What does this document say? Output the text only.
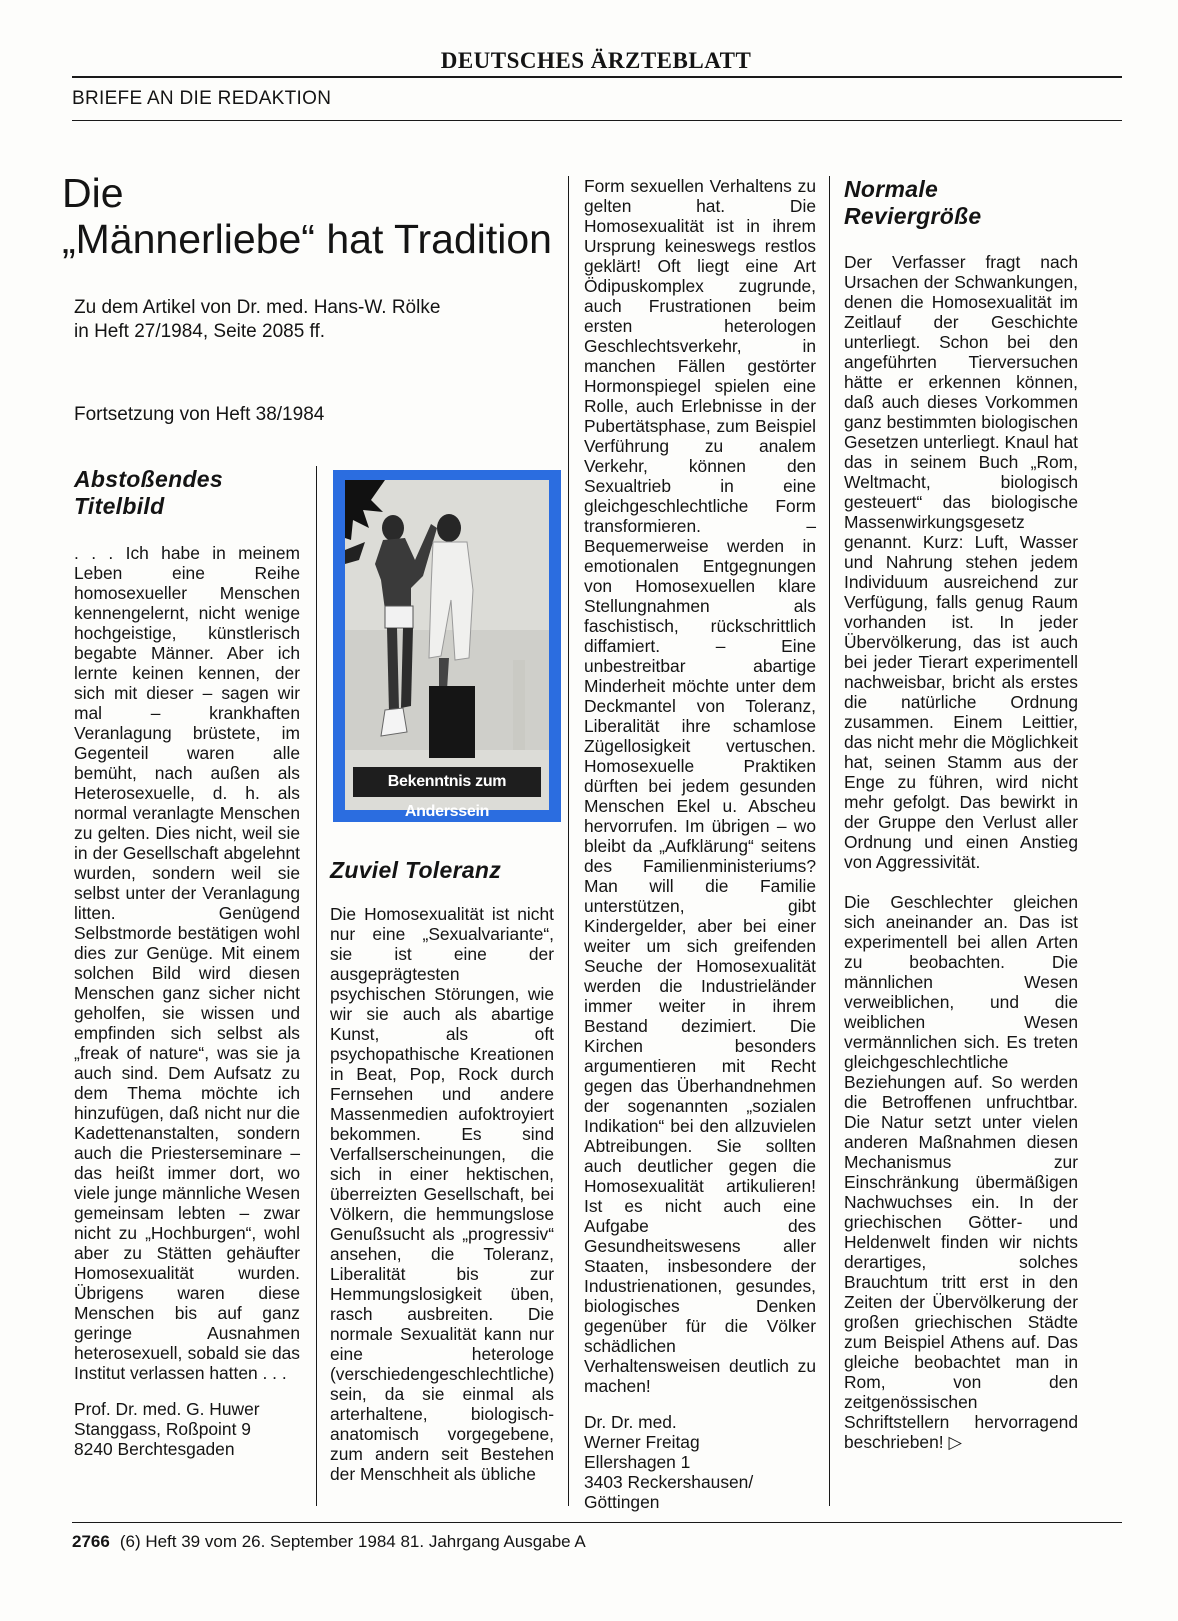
DEUTSCHES ÄRZTEBLATT
BRIEFE AN DIE REDAKTION
Die
„Männerliebe“ hat Tradition
Zu dem Artikel von Dr. med. Hans-W. Rölke
in Heft 27/1984, Seite 2085 ff.
Fortsetzung von Heft 38/1984
Abstoßendes
Titelbild

. . . Ich habe in meinem Leben eine Reihe homosexueller Menschen kennengelernt, nicht wenige hochgeistige, künstlerisch begabte Männer. Aber ich lernte keinen kennen, der sich mit dieser – sagen wir mal – krankhaften Veranlagung brüstete, im Gegenteil waren alle bemüht, nach außen als Heterosexuelle, d. h. als normal veranlagte Menschen zu gelten. Dies nicht, weil sie in der Gesellschaft abgelehnt wurden, sondern weil sie selbst unter der Veranlagung litten. Genügend Selbstmorde bestätigen wohl dies zur Genüge. Mit einem solchen Bild wird diesen Menschen ganz sicher nicht geholfen, sie wissen und empfinden sich selbst als „freak of nature“, was sie ja auch sind. Dem Aufsatz zu dem Thema möchte ich hinzufügen, daß nicht nur die Kadettenanstalten, sondern auch die Priesterseminare – das heißt immer dort, wo viele junge männliche Wesen gemeinsam lebten – zwar nicht zu „Hochburgen“, wohl aber zu Stätten gehäufter Homosexualität wurden. Übrigens waren diese Menschen bis auf ganz geringe Ausnahmen heterosexuell, sobald sie das Institut verlassen hatten . . .

Prof. Dr. med. G. Huwer
Stanggass, Roßpoint 9
8240 Berchtesgaden
Bekenntnis zum Anderssein
Zuviel Toleranz

Die Homosexualität ist nicht nur eine „Sexualvariante“, sie ist eine der ausgeprägtesten psychischen Störungen, wie wir sie auch als abartige Kunst, als oft psychopathische Kreationen in Beat, Pop, Rock durch Fernsehen und andere Massenmedien aufoktroyiert bekommen. Es sind Verfallserscheinungen, die sich in einer hektischen, überreizten Gesellschaft, bei Völkern, die hemmungslose Genußsucht als „progressiv“ ansehen, die Toleranz, Liberalität bis zur Hemmungslosigkeit üben, rasch ausbreiten. Die normale Sexualität kann nur eine heterologe (verschiedengeschlechtliche) sein, da sie einmal als arterhaltene, biologisch-anatomisch vorgegebene, zum andern seit Bestehen der Menschheit als übliche

Form sexuellen Verhaltens zu gelten hat. Die Homosexualität ist in ihrem Ursprung keineswegs restlos geklärt! Oft liegt eine Art Ödipuskomplex zugrunde, auch Frustrationen beim ersten heterologen Geschlechtsverkehr, in manchen Fällen gestörter Hormonspiegel spielen eine Rolle, auch Erlebnisse in der Pubertätsphase, zum Beispiel Verführung zu analem Verkehr, können den Sexualtrieb in eine gleichgeschlechtliche Form transformieren. – Bequemerweise werden in emotionalen Entgegnungen von Homosexuellen klare Stellungnahmen als faschistisch, rückschrittlich diffamiert. – Eine unbestreitbar abartige Minderheit möchte unter dem Deckmantel von Toleranz, Liberalität ihre schamlose Zügellosigkeit vertuschen. Homosexuelle Praktiken dürften bei jedem gesunden Menschen Ekel u. Abscheu hervorrufen. Im übrigen – wo bleibt da „Aufklärung“ seitens des Familienministeriums? Man will die Familie unterstützen, gibt Kindergelder, aber bei einer weiter um sich greifenden Seuche der Homosexualität werden die Industrieländer immer weiter in ihrem Bestand dezimiert. Die Kirchen besonders argumentieren mit Recht gegen das Überhandnehmen der sogenannten „sozialen Indikation“ bei den allzuvielen Abtreibungen. Sie sollten auch deutlicher gegen die Homosexualität artikulieren! Ist es nicht auch eine Aufgabe des Gesundheitswesens aller Staaten, insbesondere der Industrienationen, gesundes, biologisches Denken gegenüber für die Völker schädlichen Verhaltensweisen deutlich zu machen!

Dr. Dr. med.
Werner Freitag
Ellershagen 1
3403 Reckershausen/
Göttingen
Normale
Reviergröße

Der Verfasser fragt nach Ursachen der Schwankungen, denen die Homosexualität im Zeitlauf der Geschichte unterliegt. Schon bei den angeführten Tierversuchen hätte er erkennen können, daß auch dieses Vorkommen ganz bestimmten biologischen Gesetzen unterliegt. Knaul hat das in seinem Buch „Rom, Weltmacht, biologisch gesteuert“ das biologische Massenwirkungsgesetz genannt. Kurz: Luft, Wasser und Nahrung stehen jedem Individuum ausreichend zur Verfügung, falls genug Raum vorhanden ist. In jeder Übervölkerung, das ist auch bei jeder Tierart experimentell nachweisbar, bricht als erstes die natürliche Ordnung zusammen. Einem Leittier, das nicht mehr die Möglichkeit hat, seinen Stamm aus der Enge zu führen, wird nicht mehr gefolgt. Das bewirkt in der Gruppe den Verlust aller Ordnung und einen Anstieg von Aggressivität.

Die Geschlechter gleichen sich aneinander an. Das ist experimentell bei allen Arten zu beobachten. Die männlichen Wesen verweiblichen, und die weiblichen Wesen vermännlichen sich. Es treten gleichgeschlechtliche Beziehungen auf. So werden die Betroffenen unfruchtbar. Die Natur setzt unter vielen anderen Maßnahmen diesen Mechanismus zur Einschränkung übermäßigen Nachwuchses ein. In der griechischen Götter- und Heldenwelt finden wir nichts derartiges, solches Brauchtum tritt erst in den Zeiten der Übervölkerung der großen griechischen Städte zum Beispiel Athens auf. Das gleiche beobachtet man in Rom, von den zeitgenössischen Schriftstellern hervorragend beschrieben! ▷

2766 (6) Heft 39 vom 26. September 1984 81. Jahrgang Ausgabe A
